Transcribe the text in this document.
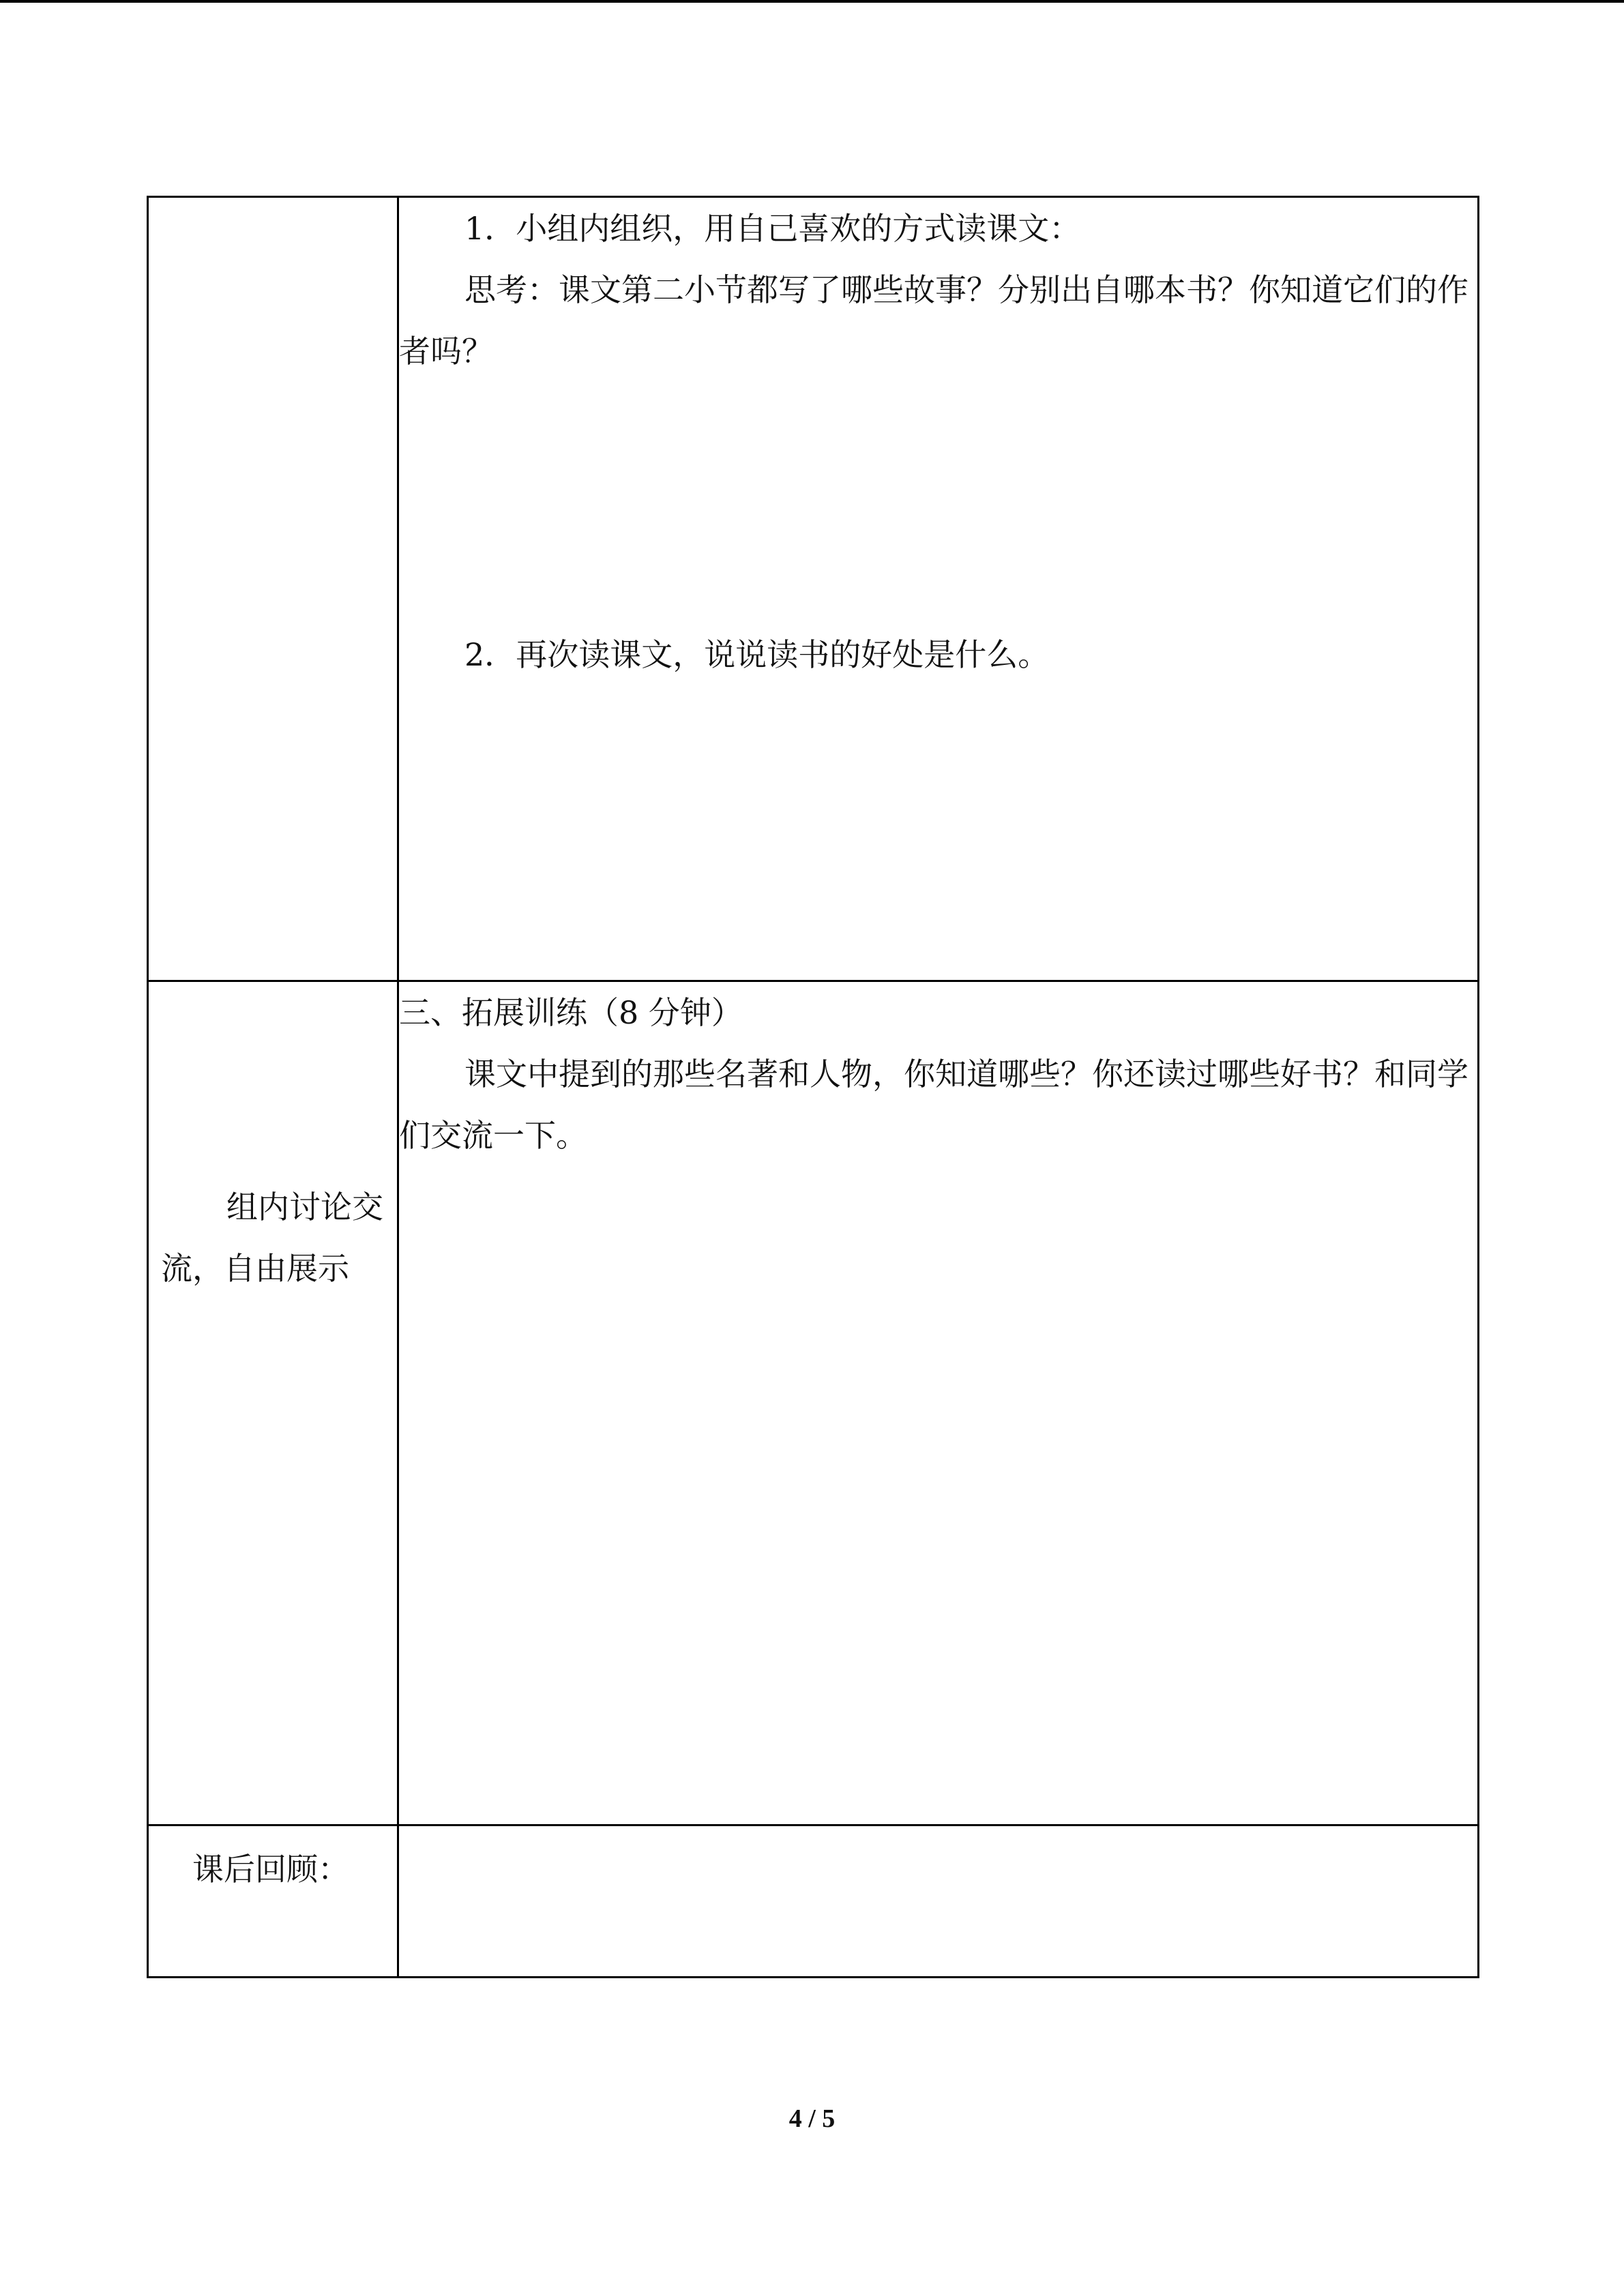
	1．小组内组织，用自己喜欢的方式读课文：

思考：课文第二小节都写了哪些故事？分别出自哪本书？你知道它们的作者吗？

2．再次读课文，说说读书的好处是什么。

组内讨论交流，自由展示	三、拓展训练（8 分钟）

课文中提到的那些名著和人物，你知道哪些？你还读过哪些好书？和同学们交流一下。

课后回顾：	

4 / 5
